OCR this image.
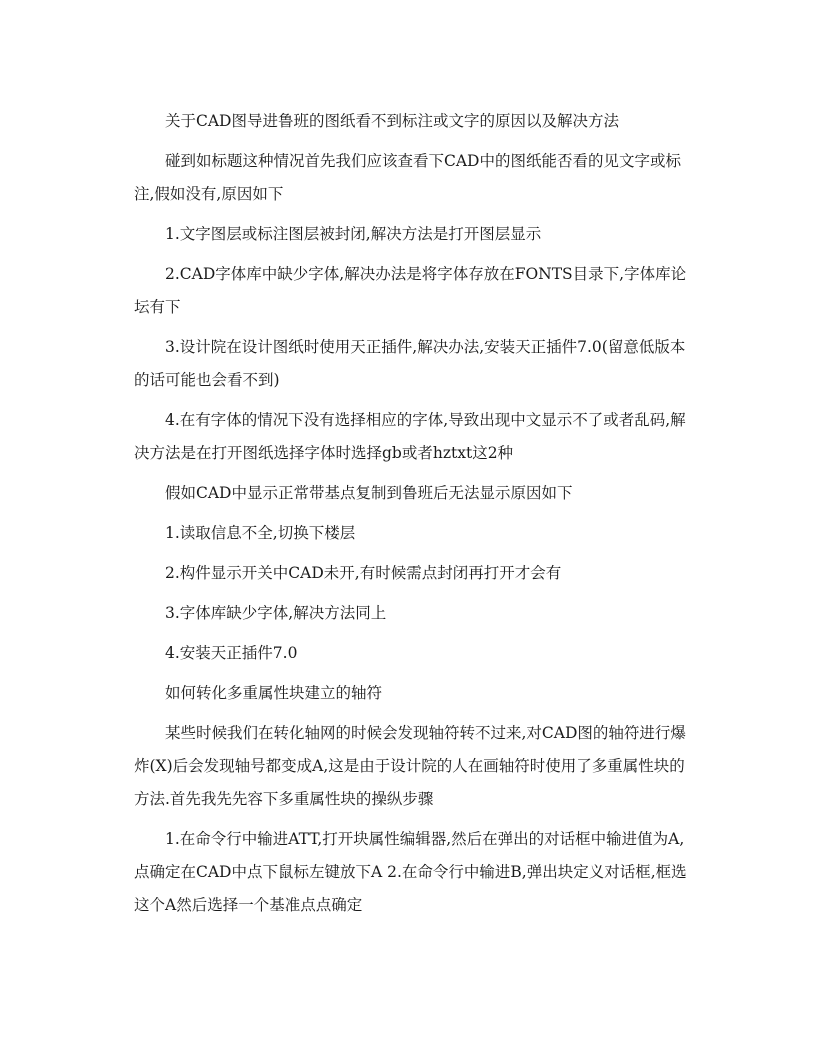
关于CAD图导进鲁班的图纸看不到标注或文字的原因以及解决方法

碰到如标题这种情况首先我们应该查看下CAD中的图纸能否看的见文字或标注,假如没有,原因如下

1.文字图层或标注图层被封闭,解决方法是打开图层显示

2.CAD字体库中缺少字体,解决办法是将字体存放在FONTS目录下,字体库论坛有下

3.设计院在设计图纸时使用天正插件,解决办法,安装天正插件7.0(留意低版本的话可能也会看不到)

4.在有字体的情况下没有选择相应的字体,导致出现中文显示不了或者乱码,解决方法是在打开图纸选择字体时选择gb或者hztxt这2种

假如CAD中显示正常带基点复制到鲁班后无法显示原因如下

1.读取信息不全,切换下楼层

2.构件显示开关中CAD未开,有时候需点封闭再打开才会有

3.字体库缺少字体,解决方法同上

4.安装天正插件7.0

如何转化多重属性块建立的轴符

某些时候我们在转化轴网的时候会发现轴符转不过来,对CAD图的轴符进行爆炸(X)后会发现轴号都变成A,这是由于设计院的人在画轴符时使用了多重属性块的方法.首先我先先容下多重属性块的操纵步骤

1.在命令行中输进ATT,打开块属性编辑器,然后在弹出的对话框中输进值为A,点确定在CAD中点下鼠标左键放下A 2.在命令行中输进B,弹出块定义对话框,框选这个A然后选择一个基准点点确定
